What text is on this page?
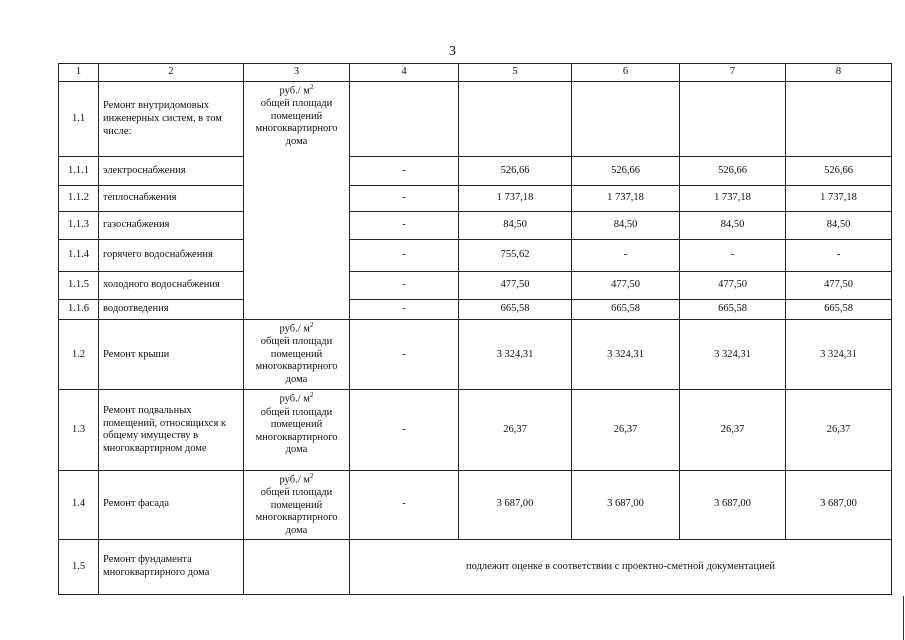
3
1	2	3	4	5	6	7	8
1.1	Ремонт внутридомовых инженерных систем, в том числе:	руб./ $м^2$
общей площади
помещений
многоквартирного
дома					
1.1.1	электроснабжения		-	526,66	526,66	526,66	526,66
1.1.2	теплоснабжения		-	1 737,18	1 737,18	1 737,18	1 737,18
1.1.3	газоснабжения		-	84,50	84,50	84,50	84,50
1.1.4	горячего водоснабжения		-	755,62	-	-	-
1.1.5	холодного водоснабжения		-	477,50	477,50	477,50	477,50
1.1.6	водоотведения		-	665,58	665,58	665,58	665,58
1.2	Ремонт крыши	руб./ $м^2$
общей площади
помещений
многоквартирного
дома	-	3 324,31	3 324,31	3 324,31	3 324,31
1.3	Ремонт подвальных помещений, относящихся к общему имуществу в многоквартирном доме	руб./ $м^2$
общей площади
помещений
многоквартирного
дома	-	26,37	26,37	26,37	26,37
1.4	Ремонт фасада	руб./ $м^2$
общей площади
помещений
многоквартирного
дома	-	3 687,00	3 687,00	3 687,00	3 687,00
1.5	Ремонт фундамента многоквартирного дома		подлежит оценке в соответствии с проектно-сметной документацией				
